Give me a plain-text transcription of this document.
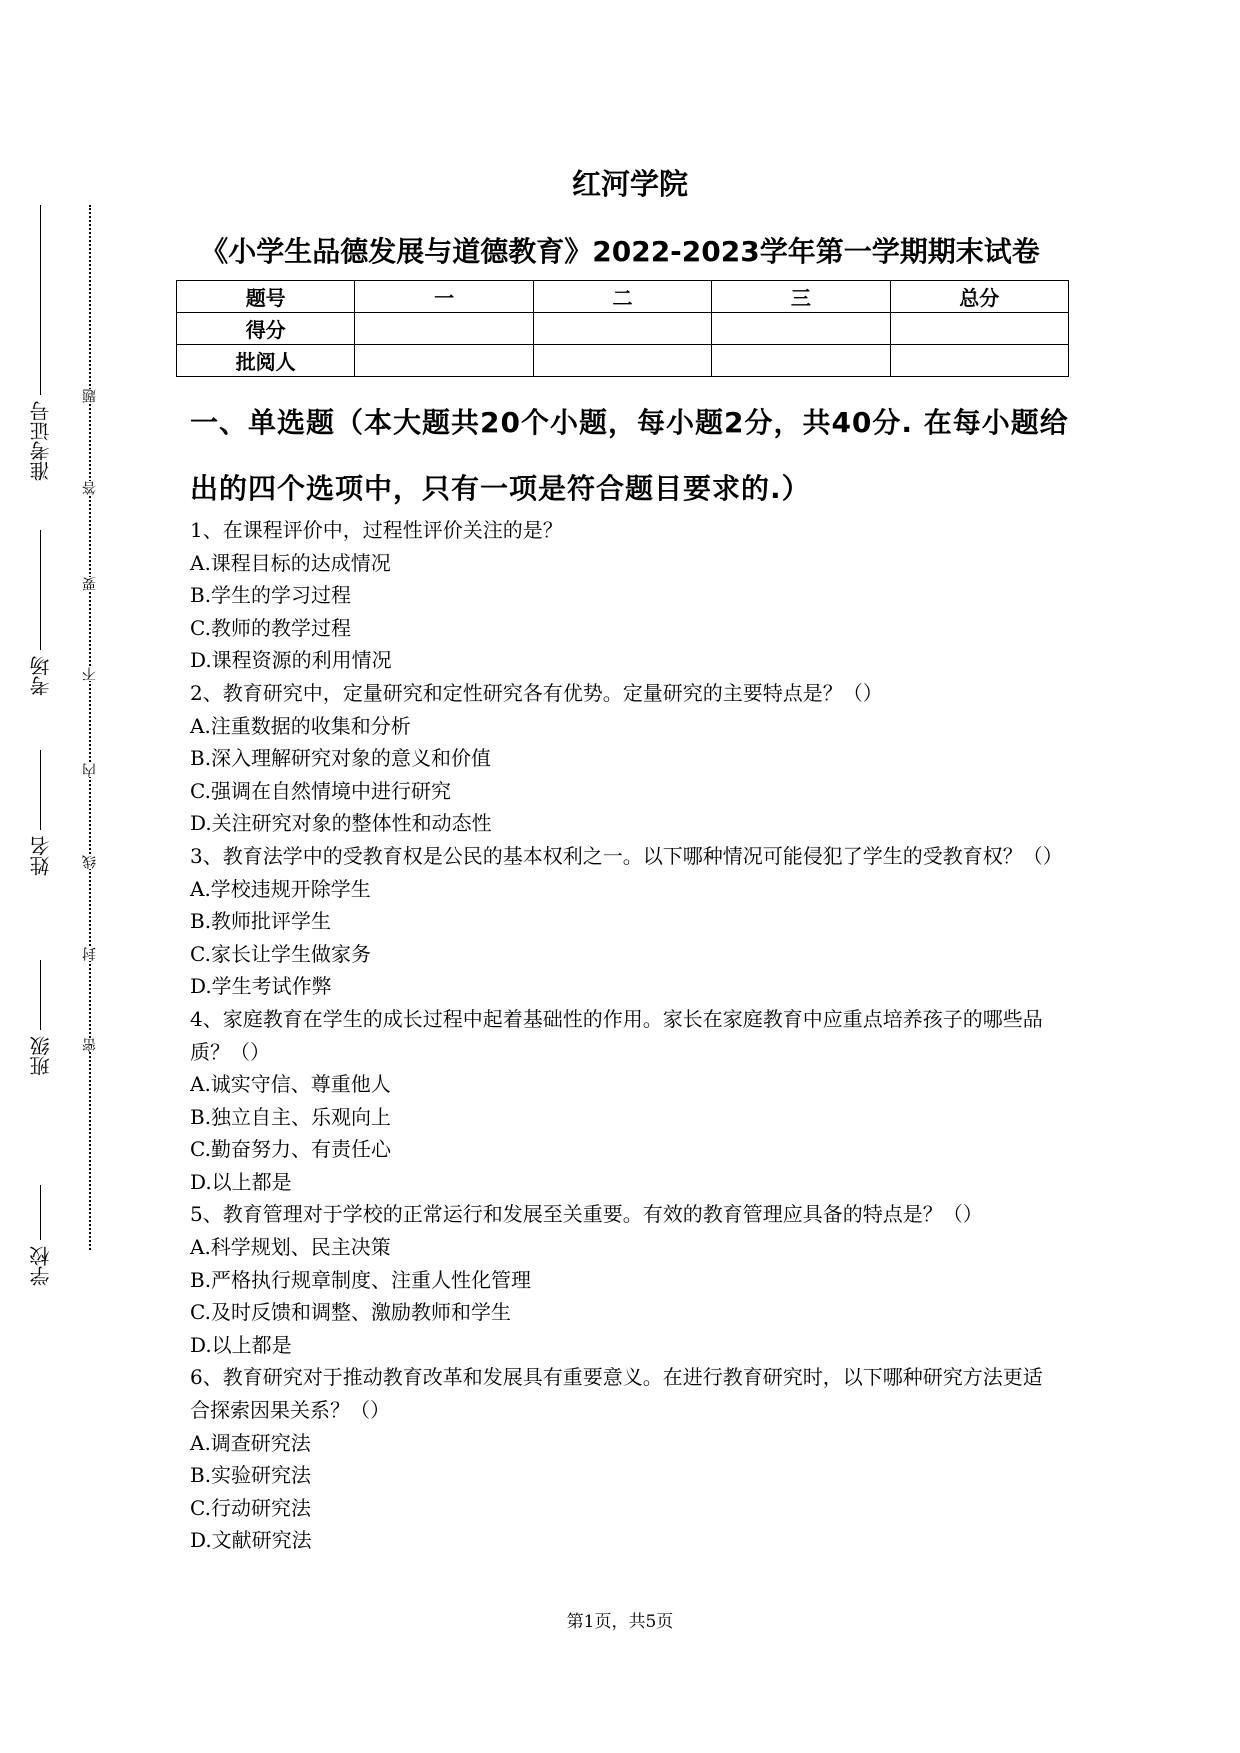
准考证号
考场
姓名
班级
学校
题
答
要
不
内
线
封
密
红河学院
《小学生品德发展与道德教育》2022-2023学年第一学期期末试卷
题号	一	二	三	总分
得分				
批阅人				
一、单选题（本大题共20个小题，每小题2分，共40分. 在每小题给出的四个选项中，只有一项是符合题目要求的.）

1、在课程评价中，过程性评价关注的是？

A.课程目标的达成情况

B.学生的学习过程

C.教师的教学过程

D.课程资源的利用情况

2、教育研究中，定量研究和定性研究各有优势。定量研究的主要特点是？（）

A.注重数据的收集和分析

B.深入理解研究对象的意义和价值

C.强调在自然情境中进行研究

D.关注研究对象的整体性和动态性

3、教育法学中的受教育权是公民的基本权利之一。以下哪种情况可能侵犯了学生的受教育权？（）

A.学校违规开除学生

B.教师批评学生

C.家长让学生做家务

D.学生考试作弊

4、家庭教育在学生的成长过程中起着基础性的作用。家长在家庭教育中应重点培养孩子的哪些品质？（）

A.诚实守信、尊重他人

B.独立自主、乐观向上

C.勤奋努力、有责任心

D.以上都是

5、教育管理对于学校的正常运行和发展至关重要。有效的教育管理应具备的特点是？（）

A.科学规划、民主决策

B.严格执行规章制度、注重人性化管理

C.及时反馈和调整、激励教师和学生

D.以上都是

6、教育研究对于推动教育改革和发展具有重要意义。在进行教育研究时，以下哪种研究方法更适合探索因果关系？（）

A.调查研究法

B.实验研究法

C.行动研究法

D.文献研究法

第1页，共5页
